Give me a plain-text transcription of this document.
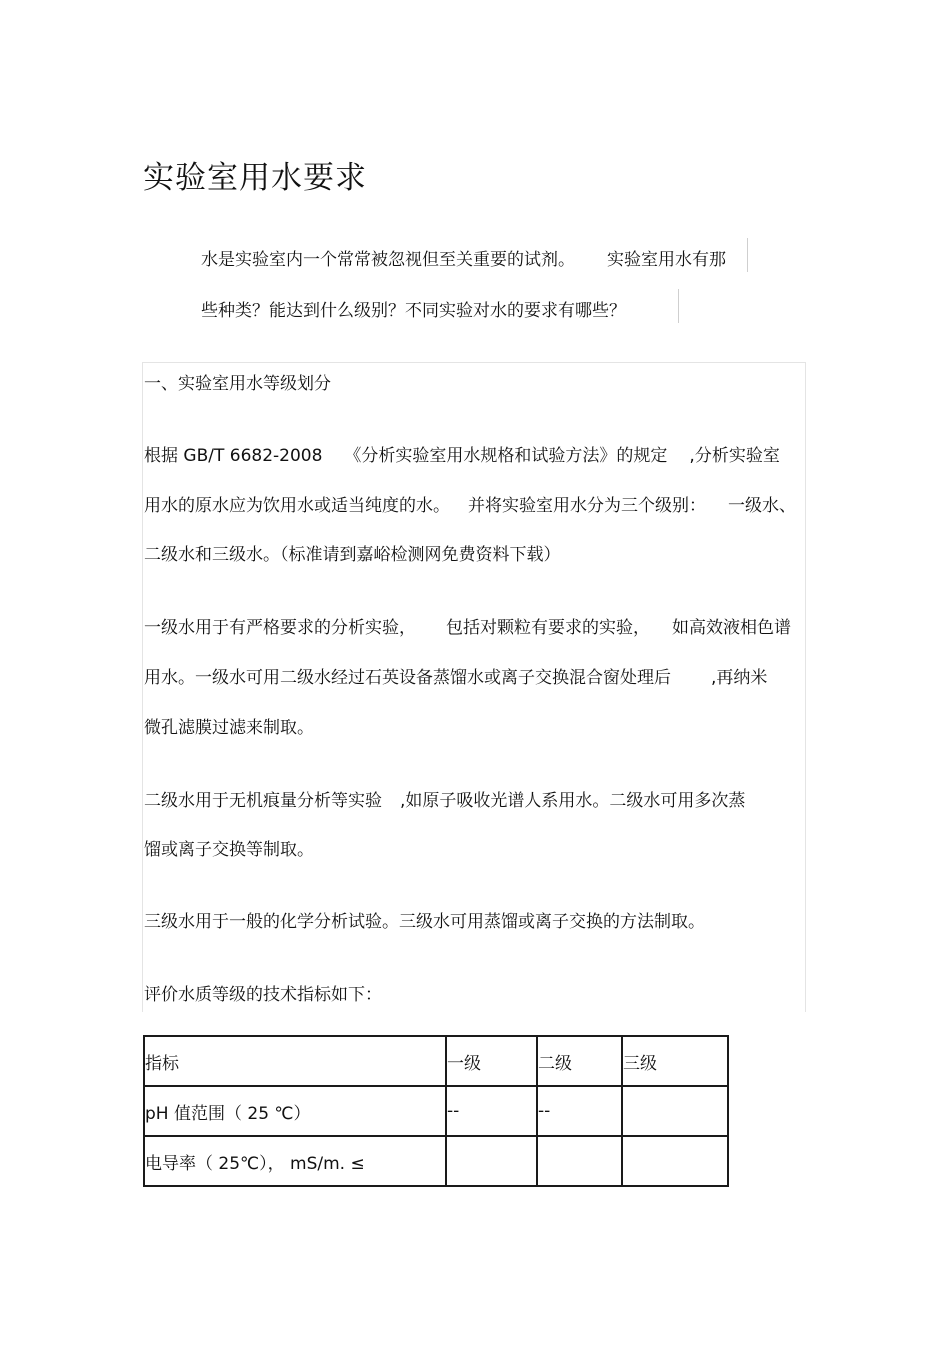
实验室用水要求
水是实验室内一个常常被忽视但至关重要的试剂。 实验室用水有那
些种类？能达到什么级别？不同实验对水的要求有哪些？
一、实验室用水等级划分
根据 GB/T 6682-2008 《分析实验室用水规格和试验方法》的规定 ,分析实验室
用水的原水应为饮用水或适当纯度的水。 并将实验室用水分为三个级别： 一级水、
二级水和三级水。（标准请到嘉峪检测网免费资料下载）
一级水用于有严格要求的分析实验， 包括对颗粒有要求的实验， 如高效液相色谱
用水。一级水可用二级水经过石英设备蒸馏水或离子交换混合窗处理后 ,再纳米
微孔滤膜过滤来制取。
二级水用于无机痕量分析等实验 ,如原子吸收光谱人系用水。二级水可用多次蒸
馏或离子交换等制取。
三级水用于一般的化学分析试验。三级水可用蒸馏或离子交换的方法制取。
评价水质等级的技术指标如下：
指标	一级	二级	三级
pH 值范围（ 25 ℃）	--	--	
电导率（ 25℃）， mS/m. ≤			
